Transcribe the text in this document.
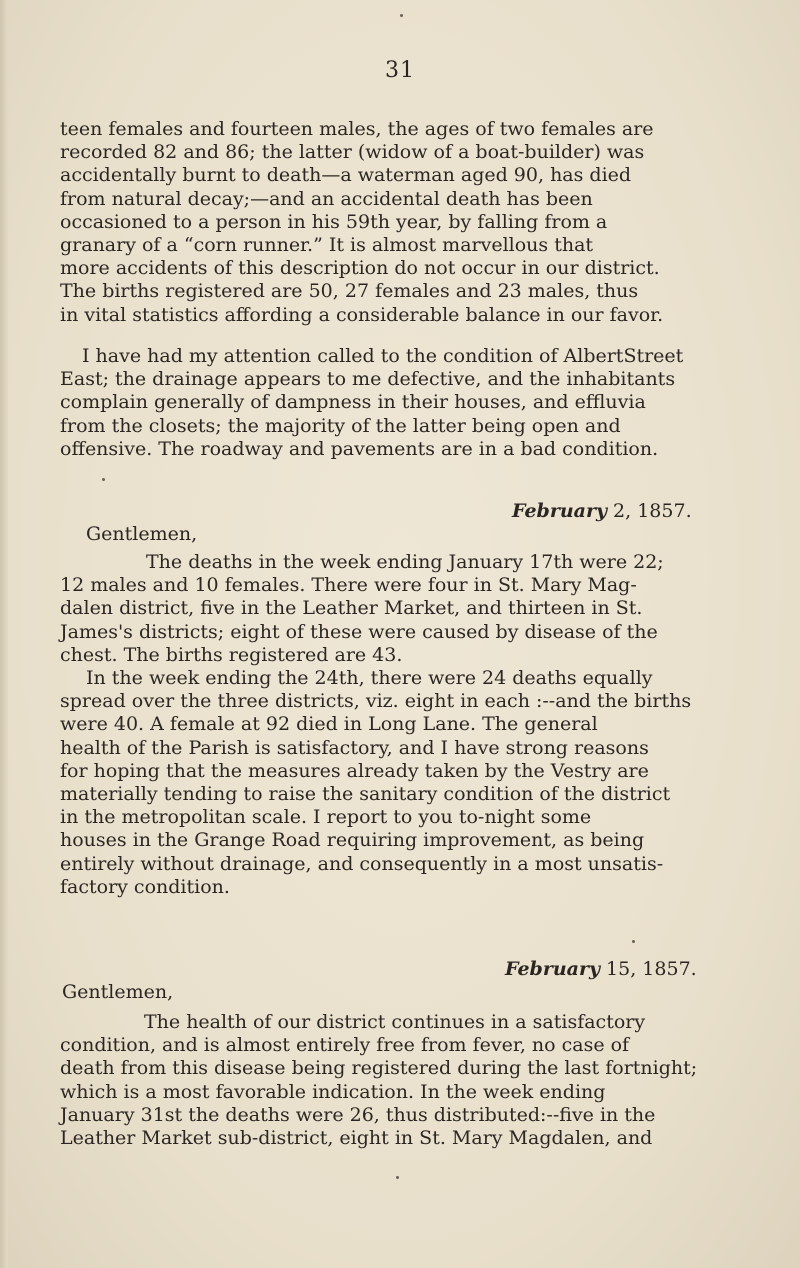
31
teen females and fourteen males, the ages of two females are
recorded 82 and 86; the latter (widow of a boat-builder) was
accidentally burnt to death—a waterman aged 90, has died
from natural decay;—and an accidental death has been
occasioned to a person in his 59th year, by falling from a
granary of a “corn runner.” It is almost marvellous that
more accidents of this description do not occur in our district.
The births registered are 50, 27 females and 23 males, thus
in vital statistics affording a considerable balance in our favor.
I have had my attention called to the condition of AlbertStreet
East; the drainage appears to me defective, and the inhabitants
complain generally of dampness in their houses, and effluvia
from the closets; the majority of the latter being open and
offensive. The roadway and pavements are in a bad condition.
February 2, 1857.
Gentlemen,
The deaths in the week ending January 17th were 22;
12 males and 10 females. There were four in St. Mary Mag-
dalen district, five in the Leather Market, and thirteen in St.
James's districts; eight of these were caused by disease of the
chest. The births registered are 43.
In the week ending the 24th, there were 24 deaths equally
spread over the three districts, viz. eight in each :--and the births
were 40. A female at 92 died in Long Lane. The general
health of the Parish is satisfactory, and I have strong reasons
for hoping that the measures already taken by the Vestry are
materially tending to raise the sanitary condition of the district
in the metropolitan scale. I report to you to-night some
houses in the Grange Road requiring improvement, as being
entirely without drainage, and consequently in a most unsatis-
factory condition.
February 15, 1857.
Gentlemen,
The health of our district continues in a satisfactory
condition, and is almost entirely free from fever, no case of
death from this disease being registered during the last fortnight;
which is a most favorable indication. In the week ending
January 31st the deaths were 26, thus distributed:--five in the
Leather Market sub-district, eight in St. Mary Magdalen, and
